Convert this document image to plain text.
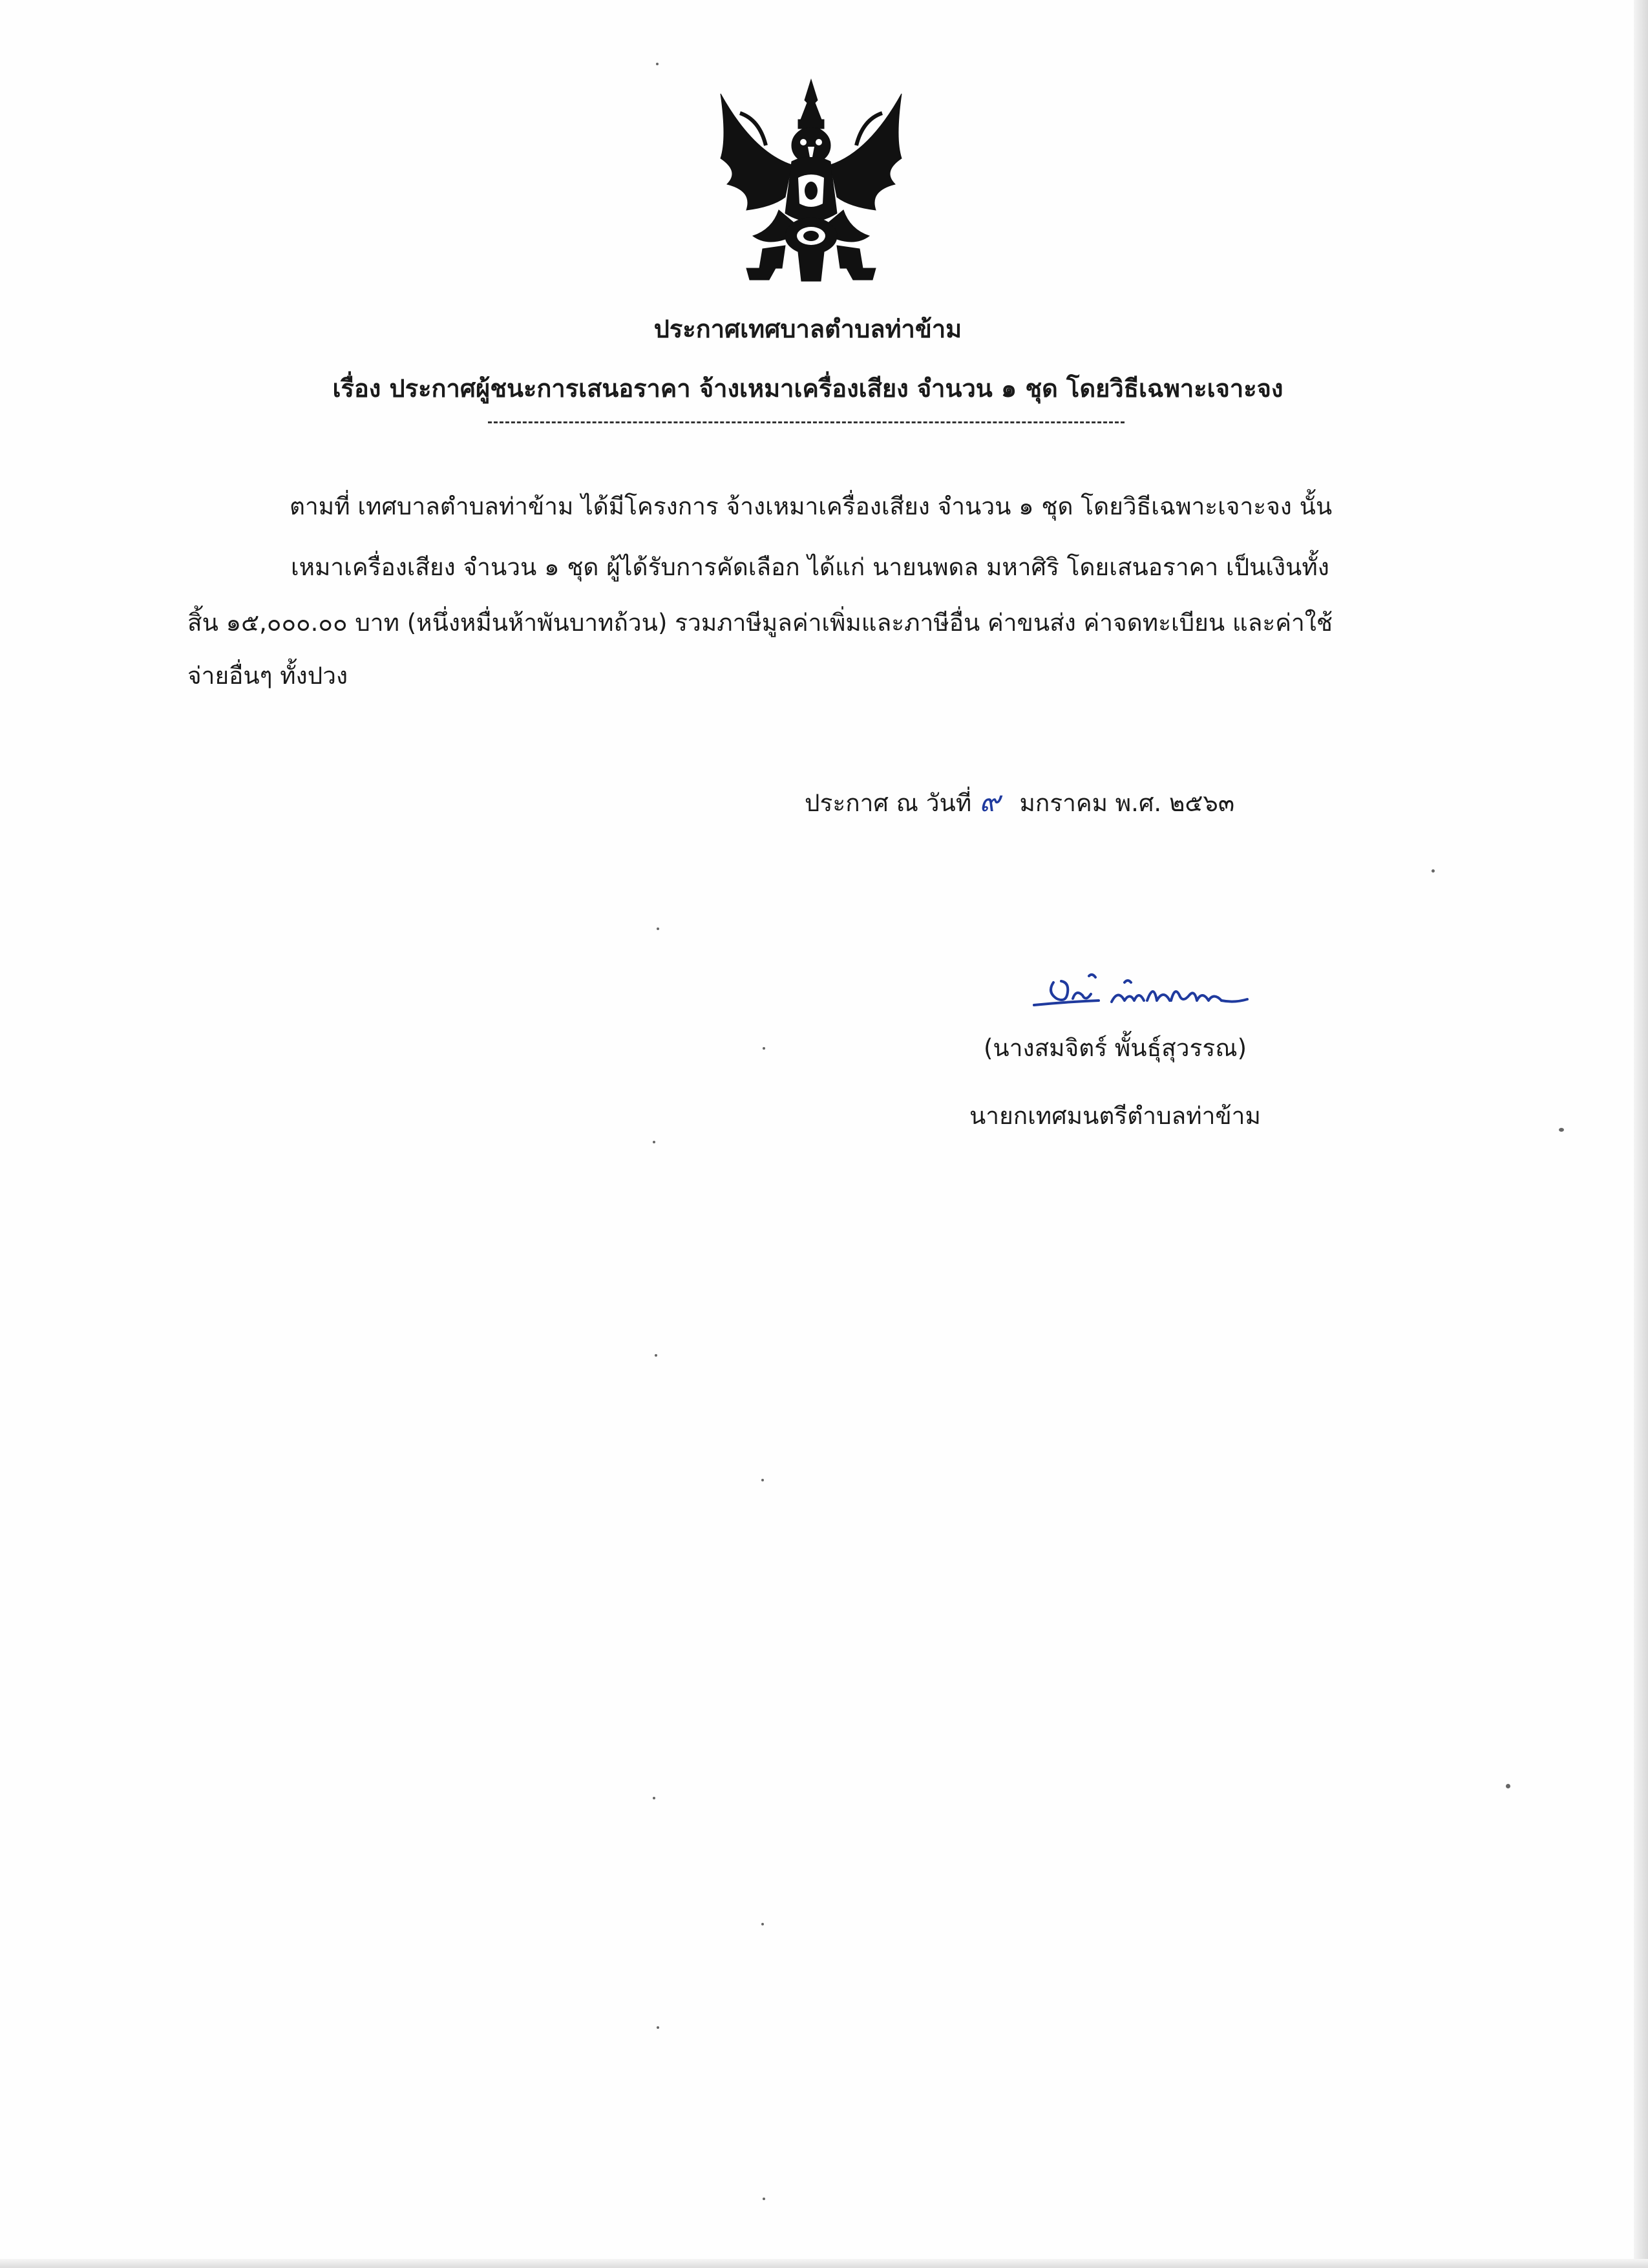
ประกาศเทศบาลตำบลท่าข้าม
เรื่อง ประกาศผู้ชนะการเสนอราคา จ้างเหมาเครื่องเสียง จำนวน ๑ ชุด โดยวิธีเฉพาะเจาะจง
ตามที่ เทศบาลตำบลท่าข้าม ได้มีโครงการ จ้างเหมาเครื่องเสียง จำนวน ๑ ชุด โดยวิธีเฉพาะเจาะจง นั้น
เหมาเครื่องเสียง จำนวน ๑ ชุด ผู้ได้รับการคัดเลือก ได้แก่ นายนพดล มหาศิริ โดยเสนอราคา เป็นเงินทั้ง
สิ้น ๑๕,๐๐๐.๐๐ บาท (หนึ่งหมื่นห้าพันบาทถ้วน) รวมภาษีมูลค่าเพิ่มและภาษีอื่น ค่าขนส่ง ค่าจดทะเบียน และค่าใช้
จ่ายอื่นๆ ทั้งปวง
ประกาศ ณ วันที่ ๙ มกราคม พ.ศ. ๒๕๖๓
(นางสมจิตร์ พั้นธุ์สุวรรณ)
นายกเทศมนตรีตำบลท่าข้าม
